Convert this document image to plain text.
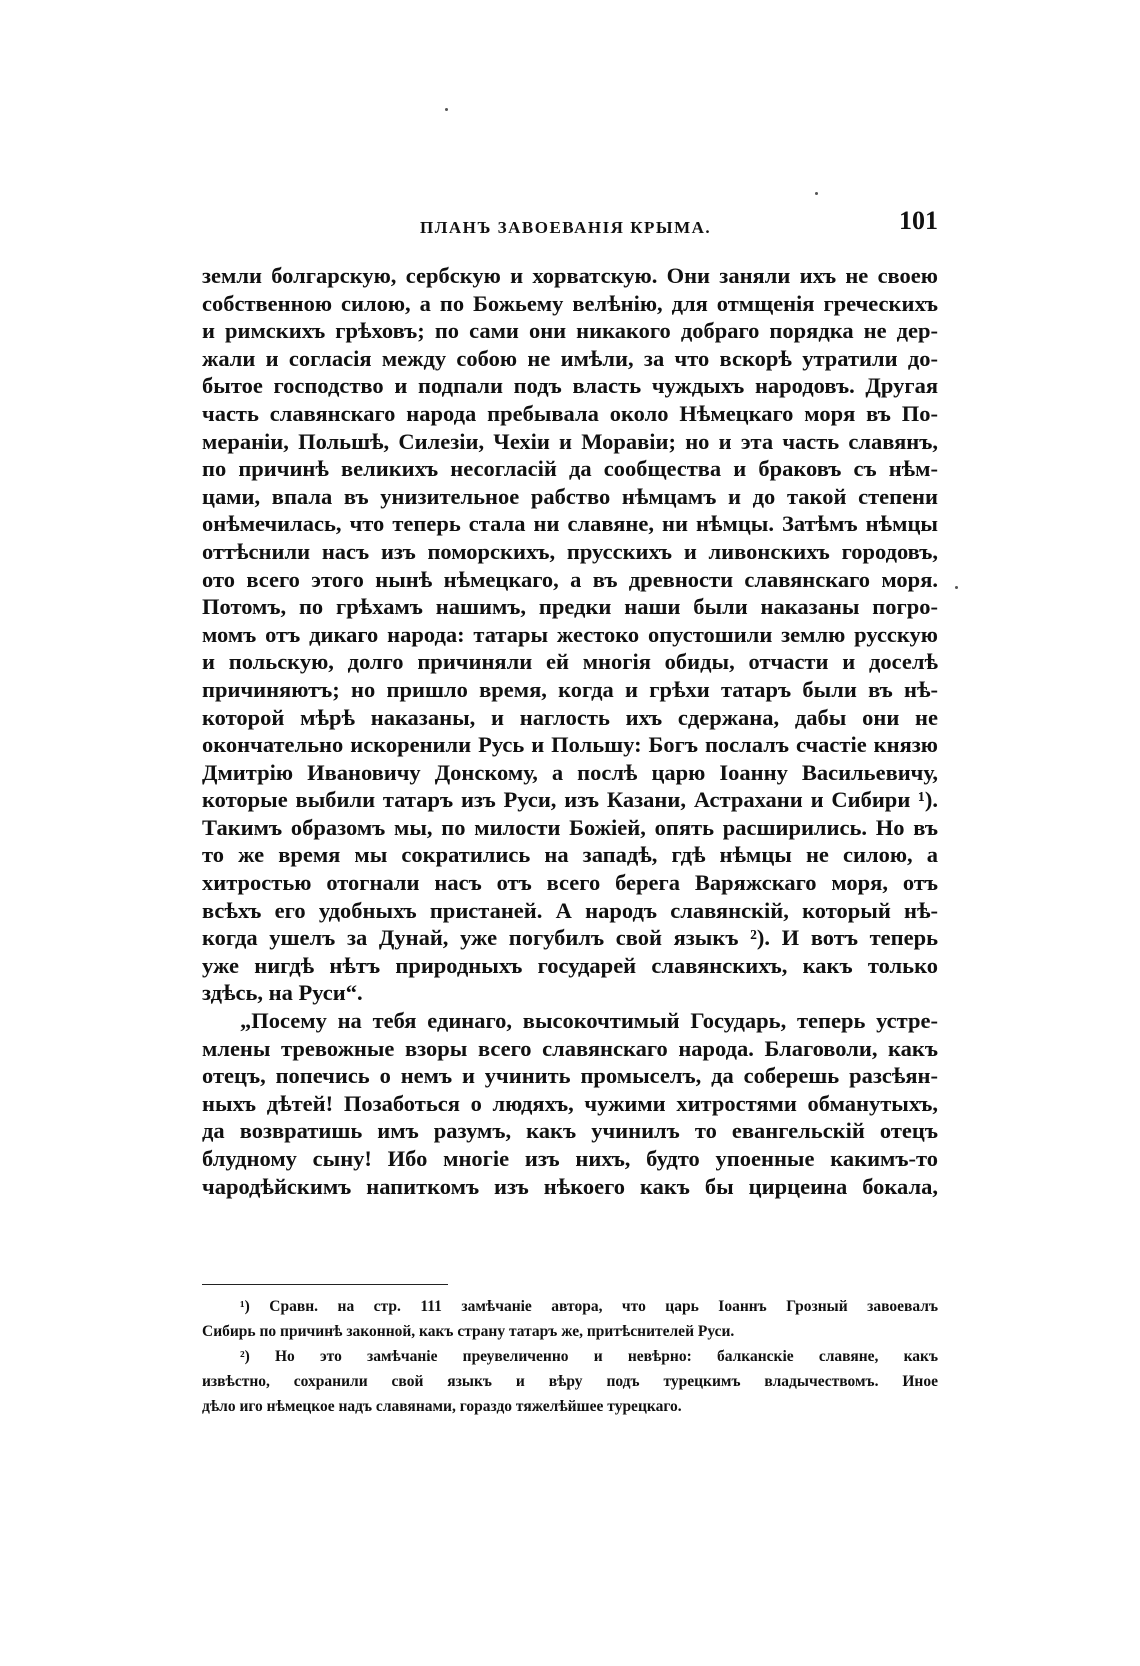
ПЛАНЪ ЗАВОЕВАНІЯ КРЫМА.	101
земли болгарскую, сербскую и хорватскую. Они заняли ихъ не своею
собственною силою, а по Божьему велѣнію, для отмщенія греческихъ
и римскихъ грѣховъ; по сами они никакого добраго порядка не дер-
жали и согласія между собою не имѣли, за что вскорѣ утратили до-
бытое господство и подпали подъ власть чуждыхъ народовъ. Другая
часть славянскаго народа пребывала около Нѣмецкаго моря въ По-
мераніи, Польшѣ, Силезіи, Чехіи и Моравіи; но и эта часть славянъ,
по причинѣ великихъ несогласій да сообщества и браковъ съ нѣм-
цами, впала въ унизительное рабство нѣмцамъ и до такой степени
онѣмечилась, что теперь стала ни славяне, ни нѣмцы. Затѣмъ нѣмцы
оттѣснили насъ изъ поморскихъ, прусскихъ и ливонскихъ городовъ,
ото всего этого нынѣ нѣмецкаго, а въ древности славянскаго моря.
Потомъ, по грѣхамъ нашимъ, предки наши были наказаны погро-
момъ отъ дикаго народа: татары жестоко опустошили землю русскую
и польскую, долго причиняли ей многія обиды, отчасти и доселѣ
причиняютъ; но пришло время, когда и грѣхи татаръ были въ нѣ-
которой мѣрѣ наказаны, и наглость ихъ сдержана, дабы они не
окончательно искоренили Русь и Польшу: Богъ послалъ счастіе князю
Дмитрію Ивановичу Донскому, а послѣ царю Іоанну Васильевичу,
которые выбили татаръ изъ Руси, изъ Казани, Астрахани и Сибири ¹).
Такимъ образомъ мы, по милости Божіей, опять расширились. Но въ
то же время мы сократились на западѣ, гдѣ нѣмцы не силою, а
хитростью отогнали насъ отъ всего берега Варяжскаго моря, отъ
всѣхъ его удобныхъ пристаней. А народъ славянскій, который нѣ-
когда ушелъ за Дунай, уже погубилъ свой языкъ ²). И вотъ теперь
уже нигдѣ нѣтъ природныхъ государей славянскихъ, какъ только
здѣсь, на Руси“.
„Посему на тебя единаго, высокочтимый Государь, теперь устре-
млены тревожные взоры всего славянскаго народа. Благоволи, какъ
отецъ, попечись о немъ и учинить промыселъ, да соберешь разсѣян-
ныхъ дѣтей! Позаботься о людяхъ, чужими хитростями обманутыхъ,
да возвратишь имъ разумъ, какъ учинилъ то евангельскій отецъ
блудному сыну! Ибо многіе изъ нихъ, будто упоенные какимъ-то
чародѣйскимъ напиткомъ изъ нѣкоего какъ бы цирцеина бокала,
¹) Сравн. на стр. 111 замѣчаніе автора, что царь Іоаннъ Грозный завоевалъ
Сибирь по причинѣ законной, какъ страну татаръ же, притѣснителей Руси.
²) Но это замѣчаніе преувеличенно и невѣрно: балканскіе славяне, какъ
извѣстно, сохранили свой языкъ и вѣру подъ турецкимъ владычествомъ. Иное
дѣло иго нѣмецкое надъ славянами, гораздо тяжелѣйшее турецкаго.
